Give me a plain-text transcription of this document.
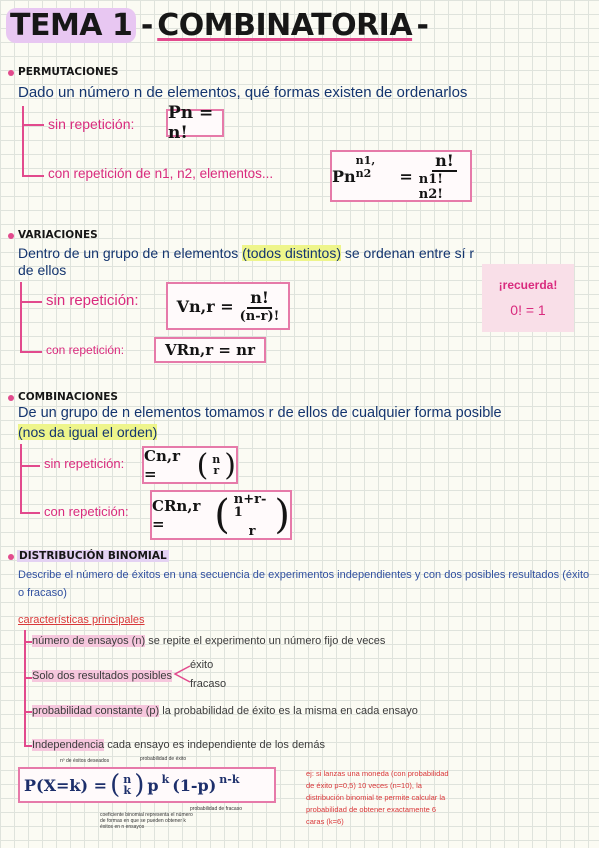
TEMA 1 - COMBINATORIA -
PERMUTACIONES
Dado un número n de elementos, qué formas existen de ordenarlos
sin repetición:
Pn = n!
con repetición de n1, n2, elementos...	Pn
$^{n1, n2}$	= $\frac{n!}{n1! n2!}$
VARIACIONES
Dentro de un grupo de n elementos (todos distintos) se ordenan entre sí r
de ellos
sin repetición: $Vn,r = \frac{n!}{(n-r)!}$
con repetición:	VRn,r = nr
¡recuerda!
0! = 1
COMBINACIONES
De un grupo de n elementos tomamos r de ellos de cualquier forma posible
(nos da igual el orden)
sin repetición: Cn,r =	( n
r )
con repetición: CRn,r =	( n+r-1
r )
DISTRIBUCIÓN BINOMIAL
Describe el número de éxitos en una secuencia de experimentos independientes y con dos posibles resultados (éxito o fracaso)
características principales
número de ensayos (n) se repite el experimento un número fijo de veces
Solo dos resultados posibles
éxito
fracaso
probabilidad constante (p) la probabilidad de éxito es la misma en cada ensayo
Independencia cada ensayo es independiente de los demás
P(X=k) = ( n
k ) p $^k$ (1-p) $^{n-k}$
nº de éxitos deseados	probabilidad de éxito
probabilidad de fracaso
coeficiente binomial representa el número de formas en que se pueden obtener k éxitos en n ensayos
ej: si lanzas una moneda (con probabilidad de éxito p=0,5) 10 veces (n=10), la distribución binomial te permite calcular la probabilidad de obtener exactamente 6 caras (k=6)
